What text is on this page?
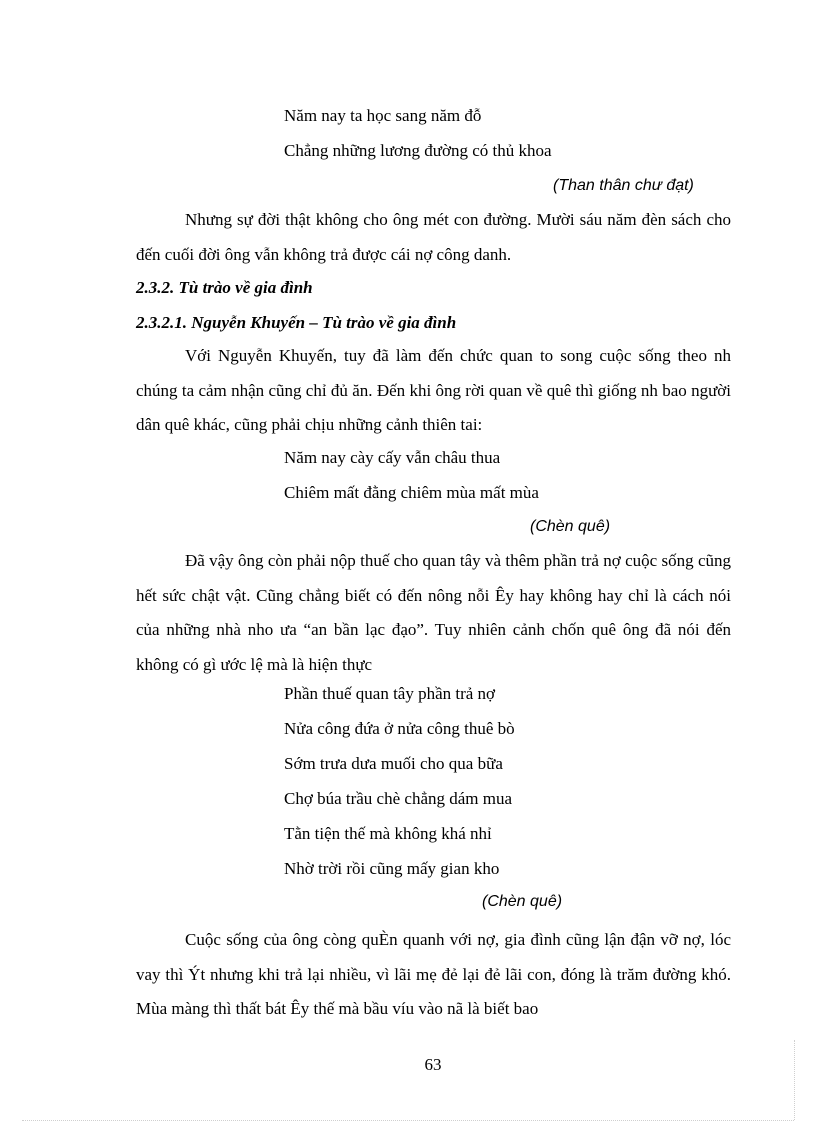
Năm nay ta học sang năm đỗ
Chẳng những lương đường có thủ khoa
(Than thân chư đạt)
Nhưng sự đời thật không cho ông mét con đường. Mười sáu năm đèn sách cho đến cuối đời ông vẫn không trả được cái nợ công danh.
2.3.2. Tù trào về gia đình
2.3.2.1. Nguyễn Khuyến – Tù trào về gia đình
Với Nguyễn Khuyến, tuy đã làm đến chức quan to song cuộc sống theo nh chúng ta cảm nhận cũng chỉ đủ ăn. Đến khi ông rời quan về quê thì giống nh bao người dân quê khác, cũng phải chịu những cảnh thiên tai:
Năm nay cày cấy vẫn châu thua
Chiêm mất đằng chiêm mùa mất mùa
(Chèn quê)
Đã vậy ông còn phải nộp thuế cho quan tây và thêm phần trả nợ cuộc sống cũng hết sức chật vật. Cũng chẳng biết có đến nông nỗi Êy hay không hay chỉ là cách nói của những nhà nho ưa “an bần lạc đạo”. Tuy nhiên cảnh chốn quê ông đã nói đến không có gì ước lệ mà là hiện thực
Phần thuế quan tây phần trả nợ
Nửa công đứa ở nửa công thuê bò
Sớm trưa dưa muối cho qua bữa
Chợ búa trầu chè chẳng dám mua
Tằn tiện thế mà không khá nhỉ
Nhờ trời rồi cũng mấy gian kho
(Chèn quê)
Cuộc sống của ông còng quÈn quanh với nợ, gia đình cũng lận đận vỡ nợ, lóc vay thì Ýt nhưng khi trả lại nhiều, vì lãi mẹ đẻ lại đẻ lãi con, đóng là trăm đường khó. Mùa màng thì thất bát Êy thế mà bầu víu vào nã là biết bao
63
